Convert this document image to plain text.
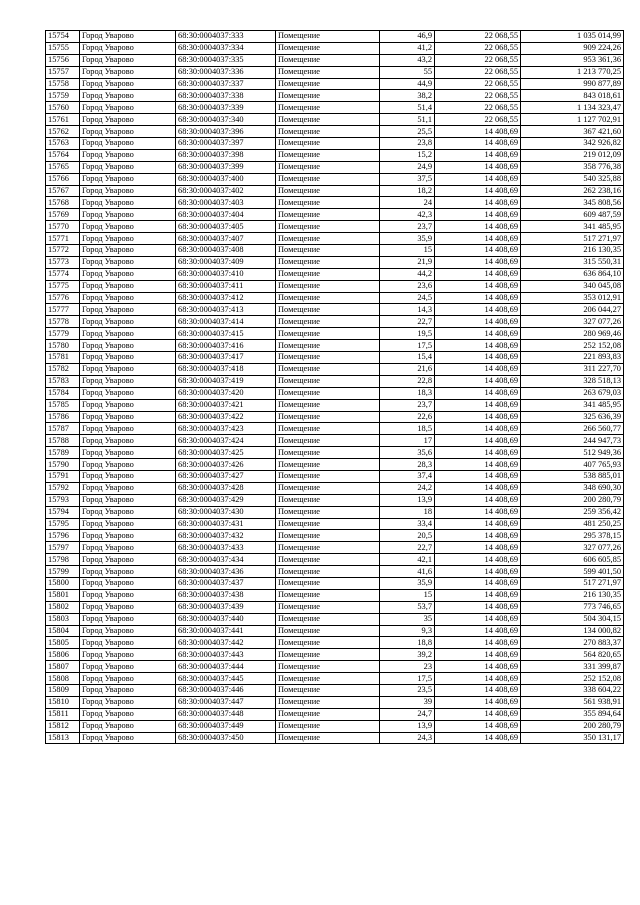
15754	Город Уварово	68:30:0004037:333	Помещение	46,9	22 068,55	1 035 014,99
15755	Город Уварово	68:30:0004037:334	Помещение	41,2	22 068,55	909 224,26
15756	Город Уварово	68:30:0004037:335	Помещение	43,2	22 068,55	953 361,36
15757	Город Уварово	68:30:0004037:336	Помещение	55	22 068,55	1 213 770,25
15758	Город Уварово	68:30:0004037:337	Помещение	44,9	22 068,55	990 877,89
15759	Город Уварово	68:30:0004037:338	Помещение	38,2	22 068,55	843 018,61
15760	Город Уварово	68:30:0004037:339	Помещение	51,4	22 068,55	1 134 323,47
15761	Город Уварово	68:30:0004037:340	Помещение	51,1	22 068,55	1 127 702,91
15762	Город Уварово	68:30:0004037:396	Помещение	25,5	14 408,69	367 421,60
15763	Город Уварово	68:30:0004037:397	Помещение	23,8	14 408,69	342 926,82
15764	Город Уварово	68:30:0004037:398	Помещение	15,2	14 408,69	219 012,09
15765	Город Уварово	68:30:0004037:399	Помещение	24,9	14 408,69	358 776,38
15766	Город Уварово	68:30:0004037:400	Помещение	37,5	14 408,69	540 325,88
15767	Город Уварово	68:30:0004037:402	Помещение	18,2	14 408,69	262 238,16
15768	Город Уварово	68:30:0004037:403	Помещение	24	14 408,69	345 808,56
15769	Город Уварово	68:30:0004037:404	Помещение	42,3	14 408,69	609 487,59
15770	Город Уварово	68:30:0004037:405	Помещение	23,7	14 408,69	341 485,95
15771	Город Уварово	68:30:0004037:407	Помещение	35,9	14 408,69	517 271,97
15772	Город Уварово	68:30:0004037:408	Помещение	15	14 408,69	216 130,35
15773	Город Уварово	68:30:0004037:409	Помещение	21,9	14 408,69	315 550,31
15774	Город Уварово	68:30:0004037:410	Помещение	44,2	14 408,69	636 864,10
15775	Город Уварово	68:30:0004037:411	Помещение	23,6	14 408,69	340 045,08
15776	Город Уварово	68:30:0004037:412	Помещение	24,5	14 408,69	353 012,91
15777	Город Уварово	68:30:0004037:413	Помещение	14,3	14 408,69	206 044,27
15778	Город Уварово	68:30:0004037:414	Помещение	22,7	14 408,69	327 077,26
15779	Город Уварово	68:30:0004037:415	Помещение	19,5	14 408,69	280 969,46
15780	Город Уварово	68:30:0004037:416	Помещение	17,5	14 408,69	252 152,08
15781	Город Уварово	68:30:0004037:417	Помещение	15,4	14 408,69	221 893,83
15782	Город Уварово	68:30:0004037:418	Помещение	21,6	14 408,69	311 227,70
15783	Город Уварово	68:30:0004037:419	Помещение	22,8	14 408,69	328 518,13
15784	Город Уварово	68:30:0004037:420	Помещение	18,3	14 408,69	263 679,03
15785	Город Уварово	68:30:0004037:421	Помещение	23,7	14 408,69	341 485,95
15786	Город Уварово	68:30:0004037:422	Помещение	22,6	14 408,69	325 636,39
15787	Город Уварово	68:30:0004037:423	Помещение	18,5	14 408,69	266 560,77
15788	Город Уварово	68:30:0004037:424	Помещение	17	14 408,69	244 947,73
15789	Город Уварово	68:30:0004037:425	Помещение	35,6	14 408,69	512 949,36
15790	Город Уварово	68:30:0004037:426	Помещение	28,3	14 408,69	407 765,93
15791	Город Уварово	68:30:0004037:427	Помещение	37,4	14 408,69	538 885,01
15792	Город Уварово	68:30:0004037:428	Помещение	24,2	14 408,69	348 690,30
15793	Город Уварово	68:30:0004037:429	Помещение	13,9	14 408,69	200 280,79
15794	Город Уварово	68:30:0004037:430	Помещение	18	14 408,69	259 356,42
15795	Город Уварово	68:30:0004037:431	Помещение	33,4	14 408,69	481 250,25
15796	Город Уварово	68:30:0004037:432	Помещение	20,5	14 408,69	295 378,15
15797	Город Уварово	68:30:0004037:433	Помещение	22,7	14 408,69	327 077,26
15798	Город Уварово	68:30:0004037:434	Помещение	42,1	14 408,69	606 605,85
15799	Город Уварово	68:30:0004037:436	Помещение	41,6	14 408,69	599 401,50
15800	Город Уварово	68:30:0004037:437	Помещение	35,9	14 408,69	517 271,97
15801	Город Уварово	68:30:0004037:438	Помещение	15	14 408,69	216 130,35
15802	Город Уварово	68:30:0004037:439	Помещение	53,7	14 408,69	773 746,65
15803	Город Уварово	68:30:0004037:440	Помещение	35	14 408,69	504 304,15
15804	Город Уварово	68:30:0004037:441	Помещение	9,3	14 408,69	134 000,82
15805	Город Уварово	68:30:0004037:442	Помещение	18,8	14 408,69	270 883,37
15806	Город Уварово	68:30:0004037:443	Помещение	39,2	14 408,69	564 820,65
15807	Город Уварово	68:30:0004037:444	Помещение	23	14 408,69	331 399,87
15808	Город Уварово	68:30:0004037:445	Помещение	17,5	14 408,69	252 152,08
15809	Город Уварово	68:30:0004037:446	Помещение	23,5	14 408,69	338 604,22
15810	Город Уварово	68:30:0004037:447	Помещение	39	14 408,69	561 938,91
15811	Город Уварово	68:30:0004037:448	Помещение	24,7	14 408,69	355 894,64
15812	Город Уварово	68:30:0004037:449	Помещение	13,9	14 408,69	200 280,79
15813	Город Уварово	68:30:0004037:450	Помещение	24,3	14 408,69	350 131,17
